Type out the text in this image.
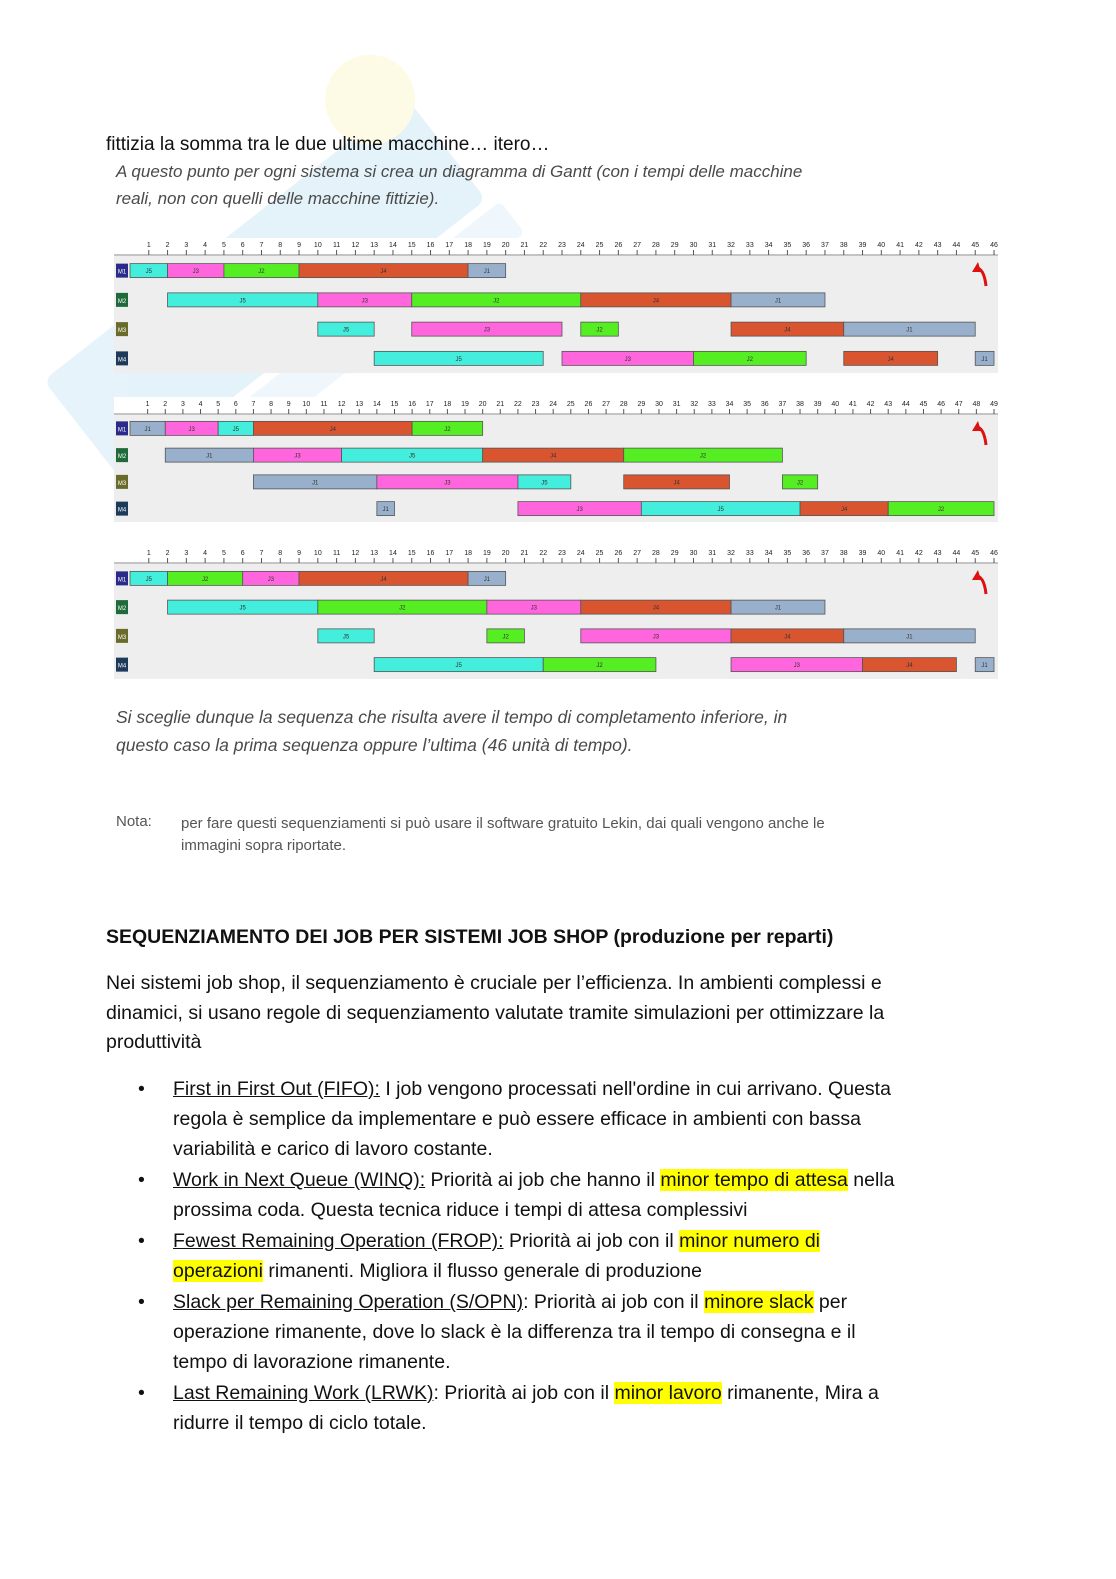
fittizia la somma tra le due ultime macchine… itero…
A questo punto per ogni sistema si crea un diagramma di Gantt (con i tempi delle macchine
reali, non con quelli delle macchine fittizie).
1 2 3 4 5 6 7 8 9 10 11 12 13 14 15 16 17 18 19 20 21 22 23 24 25 26 27 28 29 30 31 32 33 34 35 36 37 38 39 40 41 42 43 44 45 46
M1	J5	J3	J2	J4	J1
M2	J5	J3	J2	J4	J1
M3	J5	J3	J2	J4	J1
M4	J5	J3	J2	J4	J1
1 2 3 4 5 6 7 8 9 10 11 12 13 14 15 16 17 18 19 20 21 22 23 24 25 26 27 28 29 30 31 32 33 34 35 36 37 38 39 40 41 42 43 44 45 46 47 48 49
M1	J1	J3	J5	J4	J2
M2	J1	J3	J5	J4	J2
M3	J1	J3	J5	J4	J2
M4	J1	J3	J5	J4	J2
1 2 3 4 5 6 7 8 9 10 11 12 13 14 15 16 17 18 19 20 21 22 23 24 25 26 27 28 29 30 31 32 33 34 35 36 37 38 39 40 41 42 43 44 45 46
M1	J5	J2	J3	J4	J1
M2	J5	J2	J3	J4	J1
M3	J5	J2	J3	J4	J1
M4	J5	J2	J3	J4	J1
Si sceglie dunque la sequenza che risulta avere il tempo di completamento inferiore, in
questo caso la prima sequenza oppure l’ultima (46 unità di tempo).
Nota: per fare questi sequenziamenti si può usare il software gratuito Lekin, dai quali vengono anche le
immagini sopra riportate.
SEQUENZIAMENTO DEI JOB PER SISTEMI JOB SHOP (produzione per reparti)
Nei sistemi job shop, il sequenziamento è cruciale per l’efficienza. In ambienti complessi e
dinamici, si usano regole di sequenziamento valutate tramite simulazioni per ottimizzare la
produttività
• First in First Out (FIFO): I job vengono processati nell'ordine in cui arrivano. Questa
regola è semplice da implementare e può essere efficace in ambienti con bassa
variabilità e carico di lavoro costante.
• Work in Next Queue (WINQ): Priorità ai job che hanno il minor tempo di attesa nella
prossima coda. Questa tecnica riduce i tempi di attesa complessivi
• Fewest Remaining Operation (FROP): Priorità ai job con il minor numero di
operazioni rimanenti. Migliora il flusso generale di produzione
• Slack per Remaining Operation (S/OPN): Priorità ai job con il minore slack per
operazione rimanente, dove lo slack è la differenza tra il tempo di consegna e il
tempo di lavorazione rimanente.
• Last Remaining Work (LRWK): Priorità ai job con il minor lavoro rimanente, Mira a
ridurre il tempo di ciclo totale.
